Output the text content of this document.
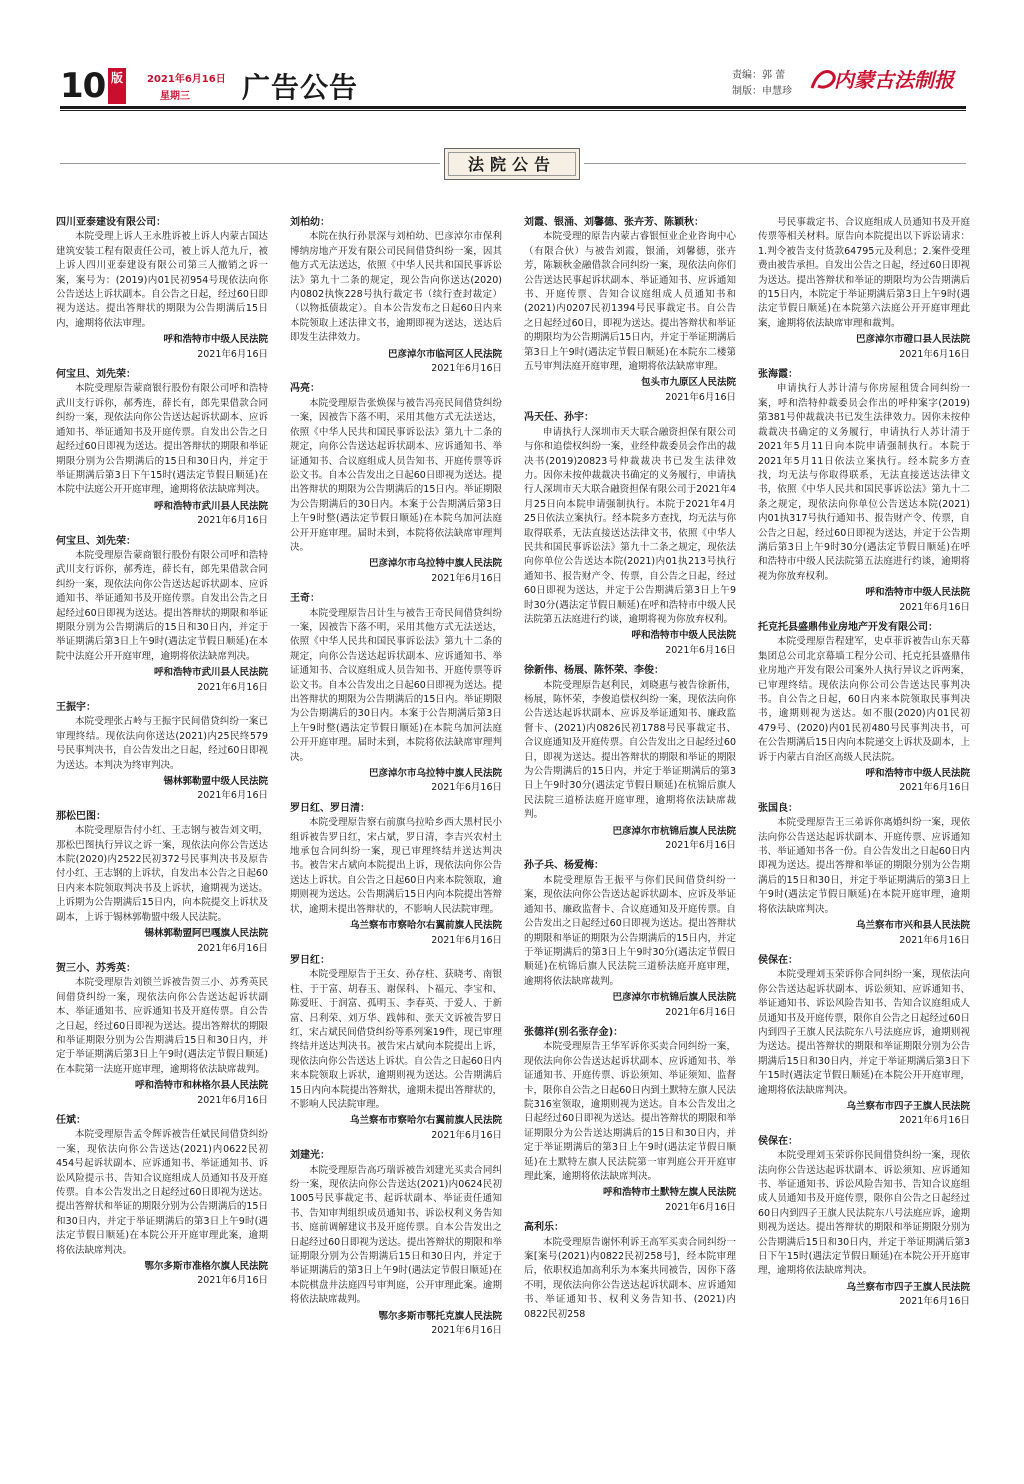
10 版	2021年6月16日
星期三 广告公告	责编：郭 蕾
制版：申慧珍 内蒙古法制报
法院公告
四川亚泰建设有限公司：
本院受理上诉人王永胜诉被上诉人内蒙古国达建筑安装工程有限责任公司，被上诉人范九斤，被上诉人四川亚泰建设有限公司第三人撤销之诉一案，案号为：(2019)内01民初954号现依法向你公告送达上诉状副本。自公告之日起，经过60日即视为送达。提出答辩状的期限为公告期满后15日内，逾期将依法审理。
呼和浩特市中级人民法院
2021年6月16日
何宝旦、刘先荣：
本院受理原告蒙商银行股份有限公司呼和浩特武川支行诉你，郝秀连，薛长有，郎先果借款合同纠纷一案，现依法向你公告送达起诉状副本、应诉通知书、举证通知书及开庭传票。自发出公告之日起经过60日即视为送达。提出答辩状的期限和举证期限分别为公告期满后的15日和30日内，并定于举证期满后第3日下午15时(遇法定节假日顺延)在本院中法庭公开开庭审理，逾期将依法缺席判决。
呼和浩特市武川县人民法院
2021年6月16日
何宝旦、刘先荣：
本院受理原告蒙商银行股份有限公司呼和浩特武川支行诉你，郝秀连，薛长有，郎先果借款合同纠纷一案，现依法向你公告送达起诉状副本、应诉通知书、举证通知书及开庭传票。自发出公告之日起经过60日即视为送达。提出答辩状的期限和举证期限分别为公告期满后的15日和30日内，并定于举证期满后第3日上午9时(遇法定节假日顺延)在本院中法庭公开开庭审理，逾期将依法缺席判决。
呼和浩特市武川县人民法院
2021年6月16日
王振宇：
本院受理张占岭与王振宇民间借贷纠纷一案已审理终结。现依法向你送达(2021)内25民终579号民事判决书，自公告发出之日起，经过60日即视为送达。本判决为终审判决。
锡林郭勒盟中级人民法院
2021年6月16日
那松巴图：
本院受理原告付小红、王志钢与被告刘文明，那松巴图执行异议之诉一案，现依法向你公告送达本院(2020)内2522民初372号民事判决书及原告付小红、王志钢的上诉状，自发出本公告之日起60日内来本院领取判决书及上诉状，逾期视为送达。上诉期为公告期满后15日内，向本院提交上诉状及副本，上诉于锡林郭勒盟中级人民法院。
锡林郭勒盟阿巴嘎旗人民法院
2021年6月16日
贺三小、苏秀英：
本院受理原告刘锁兰诉被告贺三小、苏秀英民间借贷纠纷一案，现依法向你公告送达起诉状副本、举证通知书、应诉通知书及开庭传票。自公告之日起，经过60日即视为送达。提出答辩状的期限和举证期限分别为公告期满后15日和30日内，并定于举证期满后第3日上午9时(遇法定节假日顺延)在本院第一法庭开庭审理，逾期将依法缺席裁判。
呼和浩特市和林格尔县人民法院
2021年6月16日
任斌：
本院受理原告孟令辉诉被告任斌民间借贷纠纷一案，现依法向你公告送达(2021)内0622民初454号起诉状副本、应诉通知书、举证通知书、诉讼风险提示书、告知合议庭组成人员通知书及开庭传票。自本公告发出之日起经过60日即视为送达。提出答辩状和举证的期限分别为公告期满后的15日和30日内，并定于举证期满后的第3日上午9时(遇法定节假日顺延)在本院公开开庭审理此案，逾期将依法缺席判决。
鄂尔多斯市准格尔旗人民法院
2021年6月16日
刘柏幼：
本院在执行孙景深与刘柏幼、巴彦淖尔市保利博纳房地产开发有限公司民间借贷纠纷一案，因其他方式无法送达，依照《中华人民共和国民事诉讼法》第九十二条的规定，现公告向你送达(2020)内0802执恢228号执行裁定书（续行查封裁定）（以物抵债裁定）。自本公告发布之日起60日内来本院领取上述法律文书，逾期即视为送达，送达后即发生法律效力。
巴彦淖尔市临河区人民法院
2021年6月16日
冯亮：
本院受理原告张焕保与被告冯亮民间借贷纠纷一案，因被告下落不明，采用其他方式无法送达，依照《中华人民共和国民事诉讼法》第九十二条的规定，向你公告送达起诉状副本、应诉通知书、举证通知书、合议庭组成人员告知书、开庭传票等诉讼文书。自本公告发出之日起60日即视为送达。提出答辩状的期限为公告期满后的15日内。举证期限为公告期满后的30日内。本案于公告期满后第3日上午9时整(遇法定节假日顺延)在本院乌加河法庭公开开庭审理。届时未到，本院将依法缺席审理判决。
巴彦淖尔市乌拉特中旗人民法院
2021年6月16日
王奇：
本院受理原告吕计生与被告王奇民间借贷纠纷一案，因被告下落不明，采用其他方式无法送达，依照《中华人民共和国民事诉讼法》第九十二条的规定，向你公告送达起诉状副本、应诉通知书、举证通知书、合议庭组成人员告知书、开庭传票等诉讼文书。自本公告发出之日起60日即视为送达。提出答辩状的期限为公告期满后的15日内。举证期限为公告期满后的30日内。本案于公告期满后第3日上午9时整(遇法定节假日顺延)在本院乌加河法庭公开开庭审理。届时未到，本院将依法缺席审理判决。
巴彦淖尔市乌拉特中旗人民法院
2021年6月16日
罗日红、罗日清：
本院受理原告察右前旗乌拉哈乡西大黑村民小组诉被告罗日红，宋占斌，罗日清，李吉兴农村土地承包合同纠纷一案，现已审理终结并送达判决书。被告宋占斌向本院提出上诉，现依法向你公告送达上诉状。自公告之日起60日内来本院领取，逾期则视为送达。公告期满后15日内向本院提出答辩状，逾期未提出答辩状的，不影响人民法院审理。
乌兰察布市察哈尔右翼前旗人民法院
2021年6月16日
罗日红：
本院受理原告于王女、孙存柱、获晓考、南银柱、于于富、胡春玉、谢保科、卜福元、李宝和、陈爱旺、于润富、孤明玉、李春英、于爱人、于新富、吕利荣、刘万华、践韩和、张天文诉被告罗日红，宋占斌民间借贷纠纷等系列案19件，现已审理终结并送达判决书。被告宋占斌向本院提出上诉，现依法向你公告送达上诉状。自公告之日起60日内来本院领取上诉状，逾期则视为送达。公告期满后15日内向本院提出答辩状，逾期未提出答辩状的，不影响人民法院审理。
乌兰察布市察哈尔右翼前旗人民法院
2021年6月16日
刘建光：
本院受理原告高巧瑞诉被告刘建光买卖合同纠纷一案，现依法向你公告送达(2021)内0624民初1005号民事裁定书、起诉状副本、举证责任通知书、告知审判组织成员通知书、诉讼权利义务告知书、庭前调解建议书及开庭传票。自本公告发出之日起经过60日即视为送达。提出答辩状的期限和举证期限分别为公告期满后15日和30日内，并定于举证期满后的第3日上午9时(遇法定节假日顺延)在本院棋盘井法庭四号审判庭，公开审理此案。逾期将依法缺席裁判。
鄂尔多斯市鄂托克旗人民法院
2021年6月16日
刘霞、银涌、刘馨德、张卉芳、陈颖秋：
本院受理的原告内蒙古睿银恒业企业咨询中心（有限合伙）与被告刘霞，银涌，刘馨德，张卉芳，陈颖秋金融借款合同纠纷一案，现依法向你们公告送达民事起诉状副本、举证通知书、应诉通知书、开庭传票、告知合议庭组成人员通知书和(2021)内0207民初1394号民事裁定书。自公告之日起经过60日，即视为送达。提出答辩状和举证的期限均为公告期满后15日内，并定于举证期满后第3日上午9时(遇法定节假日顺延)在本院东二楼第五号审判法庭开庭审理，逾期将依法缺席审理。
包头市九原区人民法院
2021年6月16日
冯天任、孙宇：
申请执行人深圳市天大联合融资担保有限公司与你和追偿权纠纷一案，业经仲裁委员会作出的裁决书(2019)20823号仲裁裁决书已发生法律效力。因你未按仲裁裁决书确定的义务履行，申请执行人深圳市天大联合融资担保有限公司于2021年4月25日向本院申请强制执行。本院于2021年4月25日依法立案执行。经本院多方查找，均无法与你取得联系，无法直接送达法律文书，依照《中华人民共和国民事诉讼法》第九十二条之规定，现依法向你单位公告送达本院(2021)内01执213号执行通知书、报告财产令、传票，自公告之日起，经过60日即视为送达，并定于公告期满后第3日上午9时30分(遇法定节假日顺延)在呼和浩特市中级人民法院第五法庭进行约谈，逾期将视为你放弃权利。
呼和浩特市中级人民法院
2021年6月16日
徐新伟、杨展、陈怀荣、李俊：
本院受理原告赵利民，刘晓惠与被告徐新伟，杨展，陈怀荣，李俊追偿权纠纷一案，现依法向你公告送达起诉状副本、应诉及举证通知书、廉政监督卡、(2021)内0826民初1788号民事裁定书、合议庭通知及开庭传票。自公告发出之日起经过60日，即视为送达。提出答辩状的期限和举证的期限为公告期满后的15日内，并定于举证期满后的第3日上午9时30分(遇法定节假日顺延)在杭锦后旗人民法院三道桥法庭开庭审理，逾期将依法缺席裁判。
巴彦淖尔市杭锦后旗人民法院
2021年6月16日
孙子兵、杨爱梅：
本院受理原告王振平与你们民间借贷纠纷一案，现依法向你公告送达起诉状副本、应诉及举证通知书、廉政监督卡、合议庭通知及开庭传票。自公告发出之日起经过60日即视为送达。提出答辩状的期限和举证的期限为公告期满后的15日内，并定于举证期满后的第3日上午9时30分(遇法定节假日顺延)在杭锦后旗人民法院三道桥法庭开庭审理，逾期将依法缺席裁判。
巴彦淖尔市杭锦后旗人民法院
2021年6月16日
张德祥(别名张存金)：
本院受理原告王华军诉你买卖合同纠纷一案，现依法向你公告送达起诉状副本、应诉通知书、举证通知书、开庭传票、诉讼须知、举证须知、监督卡，限你自公告之日起60日内到土默特左旗人民法院316室领取，逾期则视为送达。自本公告发出之日起经过60日即视为送达。提出答辩状的期限和举证期限分为公告送达期满后的15日和30日内，并定于举证期满后的第3日上午9时(遇法定节假日顺延)在土默特左旗人民法院第一审判庭公开开庭审理此案，逾期将依法缺席判决。
呼和浩特市土默特左旗人民法院
2021年6月16日
高利乐：
本院受理原告谢怀利诉王高军买卖合同纠纷一案[案号(2021)内0822民初258号]，经本院审理后，依职权追加高利乐为本案共同被告，因你下落不明，现依法向你公告送达起诉状副本、应诉通知书、举证通知书、权利义务告知书、(2021)内0822民初258
号民事裁定书、合议庭组成人员通知书及开庭传票等相关材料。原告向本院提出以下诉讼请求：1.判令被告支付货款64795元及利息；2.案件受理费由被告承担。自发出公告之日起，经过60日即视为送达。提出答辩状和举证的期限均为公告期满后的15日内，本院定于举证期满后第3日上午9时(遇法定节假日顺延)在本院第六法庭公开开庭审理此案，逾期将依法缺席审理和裁判。
巴彦淖尔市磴口县人民法院
2021年6月16日
张海霞：
申请执行人苏计清与你房屋租赁合同纠纷一案，呼和浩特仲裁委员会作出的呼仲案字(2019)第381号仲裁裁决书已发生法律效力。因你未按仲裁裁决书确定的义务履行，申请执行人苏计清于2021年5月11日向本院申请强制执行。本院于2021年5月11日依法立案执行。经本院多方查找，均无法与你取得联系，无法直接送达法律文书，依照《中华人民共和国民事诉讼法》第九十二条之规定，现依法向你单位公告送达本院(2021)内01执317号执行通知书、报告财产令、传票，自公告之日起，经过60日即视为送达，并定于公告期满后第3日上午9时30分(遇法定节假日顺延)在呼和浩特市中级人民法院第五法庭进行约谈，逾期将视为你放弃权利。
呼和浩特市中级人民法院
2021年6月16日
托克托县盛鼎伟业房地产开发有限公司：
本院受理原告程建军，史卓菲诉被告山东天幕集团总公司北京幕墙工程分公司、托克托县盛鼎伟业房地产开发有限公司案外人执行异议之诉两案，已审理终结。现依法向你公司公告送达民事判决书。自公告之日起，60日内来本院领取民事判决书，逾期则视为送达。如不服(2020)内01民初479号、(2020)内01民初480号民事判决书，可在公告期满后15日内向本院递交上诉状及副本，上诉于内蒙古自治区高级人民法院。
呼和浩特市中级人民法院
2021年6月16日
张国良：
本院受理原告王三弟诉你离婚纠纷一案，现依法向你公告送达起诉状副本、开庭传票、应诉通知书、举证通知书各一份。自公告发出之日起60日内即视为送达。提出答辩和举证的期限分别为公告期满后的15日和30日，并定于举证期满后的第3日上午9时(遇法定节假日顺延)在本院开庭审理，逾期将依法缺席判决。
乌兰察布市兴和县人民法院
2021年6月16日
侯保在：
本院受理刘玉荣诉你合同纠纷一案，现依法向你公告送达起诉状副本、诉讼须知、应诉通知书、举证通知书、诉讼风险告知书、告知合议庭组成人员通知书及开庭传票，限你自公告之日起经过60日内到四子王旗人民法院东八号法庭应诉，逾期则视为送达。提出答辩状的期限和举证期限分别为公告期满后15日和30日内，并定于举证期满后第3日下午15时(遇法定节假日顺延)在本院公开开庭审理，逾期将依法缺席判决。
乌兰察布市四子王旗人民法院
2021年6月16日
侯保在：
本院受理刘玉荣诉你民间借贷纠纷一案，现依法向你公告送达起诉状副本、诉讼须知、应诉通知书、举证通知书、诉讼风险告知书、告知合议庭组成人员通知书及开庭传票，限你自公告之日起经过60日内到四子王旗人民法院东八号法庭应诉，逾期则视为送达。提出答辩状的期限和举证期限分别为公告期满后15日和30日内，并定于举证期满后第3日下午15时(遇法定节假日顺延)在本院公开开庭审理，逾期将依法缺席判决。
乌兰察布市四子王旗人民法院
2021年6月16日
